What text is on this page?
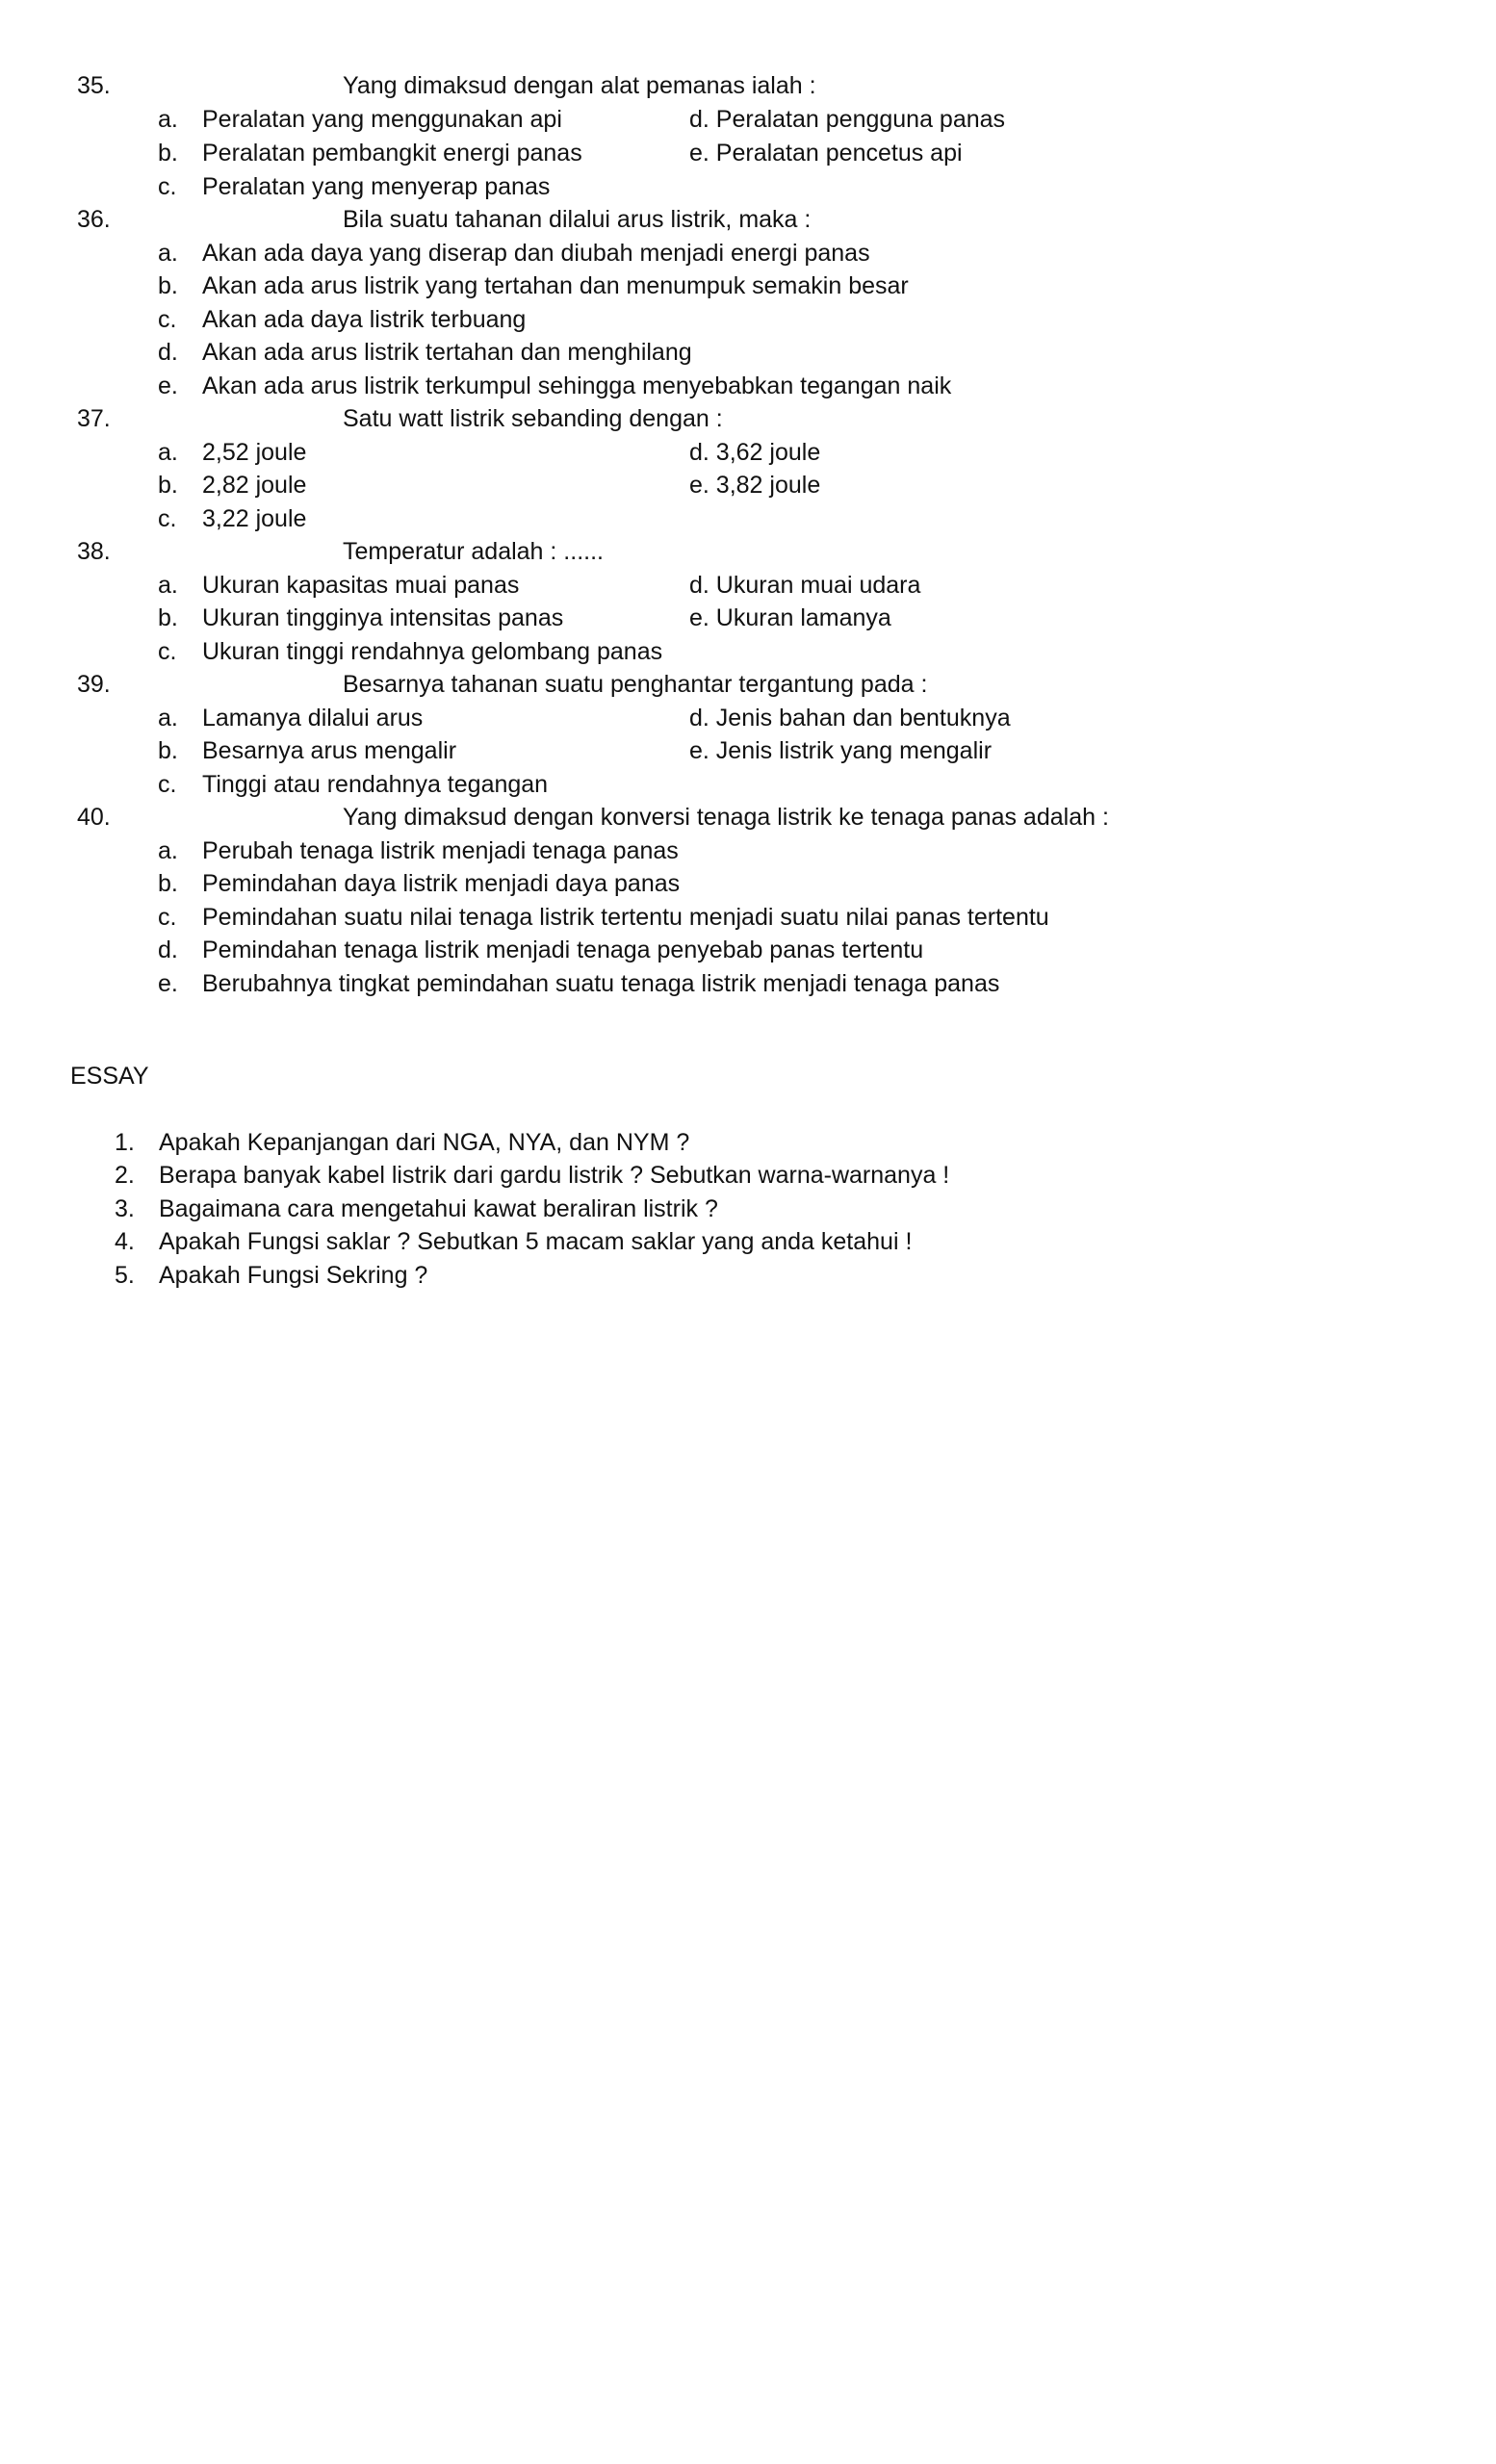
35.	Yang dimaksud dengan alat pemanas ialah :
a. Peralatan yang menggunakan api	d. Peralatan pengguna panas
b. Peralatan pembangkit energi panas	e. Peralatan pencetus api
c. Peralatan yang menyerap panas
36.	Bila suatu tahanan dilalui arus listrik, maka :
a. Akan ada daya yang diserap dan diubah menjadi energi panas
b. Akan ada arus listrik yang tertahan dan menumpuk semakin besar
c. Akan ada daya listrik terbuang
d. Akan ada arus listrik tertahan dan menghilang
e. Akan ada arus listrik terkumpul sehingga menyebabkan tegangan naik
37.	Satu watt listrik sebanding dengan :
a. 2,52 joule	d. 3,62 joule
b. 2,82 joule	e. 3,82 joule
c. 3,22 joule
38.	Temperatur adalah : ......
a. Ukuran kapasitas muai panas	d. Ukuran muai udara
b. Ukuran tingginya intensitas panas	e. Ukuran lamanya
c. Ukuran tinggi rendahnya gelombang panas
39.	Besarnya tahanan suatu penghantar tergantung pada :
a. Lamanya dilalui arus	d. Jenis bahan dan bentuknya
b. Besarnya arus mengalir	e. Jenis listrik yang mengalir
c. Tinggi atau rendahnya tegangan
40.	Yang dimaksud dengan konversi tenaga listrik ke tenaga panas adalah :
a. Perubah tenaga listrik menjadi tenaga panas
b. Pemindahan daya listrik menjadi daya panas
c. Pemindahan suatu nilai tenaga listrik tertentu menjadi suatu nilai panas tertentu
d. Pemindahan tenaga listrik menjadi tenaga penyebab panas tertentu
e. Berubahnya tingkat pemindahan suatu tenaga listrik menjadi tenaga panas
ESSAY
1. Apakah Kepanjangan dari NGA, NYA, dan NYM ?
2. Berapa banyak kabel listrik dari gardu listrik ? Sebutkan warna-warnanya !
3. Bagaimana cara mengetahui kawat beraliran listrik ?
4. Apakah Fungsi saklar ? Sebutkan 5 macam saklar yang anda ketahui !
5. Apakah Fungsi Sekring ?
